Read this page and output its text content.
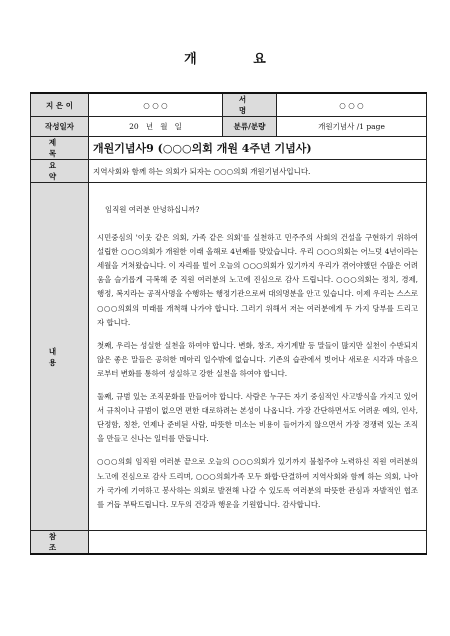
개 요
지 은 이	○ ○ ○	서 명	○ ○ ○
작성일자	20   년   월   일	분류/분량	개원기념사 /1 page
제 목	개원기념사9 (○○○의회 개원 4주년 기념사)		
요 약	지역사회와 함께 하는 의회가 되자는 ○○○의회 개원기념사입니다.		
내 용	임직원 여러분 안녕하십니까?

시민중심의 '이웃 같은 의회, 가족 같은 의회'를 실천하고 민주주의 사회의 건설을 구현하기 위하여 설립한 ○○○의회가 개원한 이래 올해로 4년째를 맞았습니다. 우리 ○○○의회는 어느덧 4년이라는 세월을 거쳐왔습니다. 이 자리를 빌어 오늘의 ○○○의회가 있기까지 우리가 겪어야했던 수많은 어려움을 슬기롭게 극복해 준 직원 여러분의 노고에 진심으로 감사 드립니다. ○○○의회는 정치, 경제, 행정, 복지라는 공적사명을 수행하는 행정기관으로써 대의명분을 안고 있습니다. 이제 우리는 스스로 ○○○의회의 미래를 개척해 나가야 합니다. 그러기 위해서 저는 여러분에게 두 가지 당부를 드리고자 합니다.

첫째, 우리는 성실한 실천을 하여야 합니다. 변화, 창조, 자기계발 등 말들이 많지만 실천이 수반되지 않은 좋은 말들은 공허한 메아리 일수밖에 없습니다. 기존의 습관에서 벗어나 새로운 시각과 마음으로부터 변화를 통하여 성실하고 강한 실천을 하여야 합니다.

둘째, 규범 있는 조직문화를 만들어야 합니다. 사람은 누구든 자기 중심적인 사고방식을 가지고 있어서 규칙이나 규범이 없으면 편한 대로하려는 본성이 나옵니다. 가장 간단하면서도 어려운 예의, 인사, 단정함, 칭찬, 언제나 준비된 사람, 따뜻한 미소는 비용이 들어가지 않으면서 가장 경쟁력 있는 조직을 만들고 신나는 일터를 만듭니다.

○○○의회 임직원 여러분 끝으로 오늘의 ○○○의회가 있기까지 불철주야 노력하신 직원 여러분의 노고에 진심으로 감사 드리며, ○○○의회가족 모두 화합·단결하여 지역사회와 함께 하는 의회, 나아가 국가에 기여하고 봉사하는 의회로 발전해 나갈 수 있도록 여러분의 따뜻한 관심과 자발적인 협조를 거듭 부탁드립니다. 모두의 건강과 행운을 기원합니다. 감사합니다.		

참 조			
